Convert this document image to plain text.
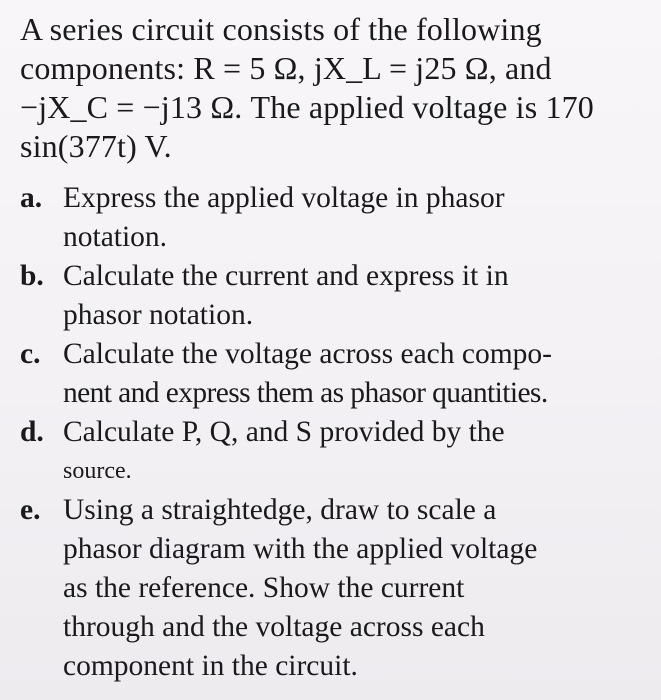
A series circuit consists of the following
components: R = 5 Ω, jX_L = j25 Ω, and
−jX_C = −j13 Ω. The applied voltage is 170
sin(377t) V.
a. Express the applied voltage in phasor
notation.
b. Calculate the current and express it in
phasor notation.
c. Calculate the voltage across each compo-
nent and express them as phasor quantities.
d. Calculate P, Q, and S provided by the
source.
e. Using a straightedge, draw to scale a
phasor diagram with the applied voltage
as the reference. Show the current
through and the voltage across each
component in the circuit.
